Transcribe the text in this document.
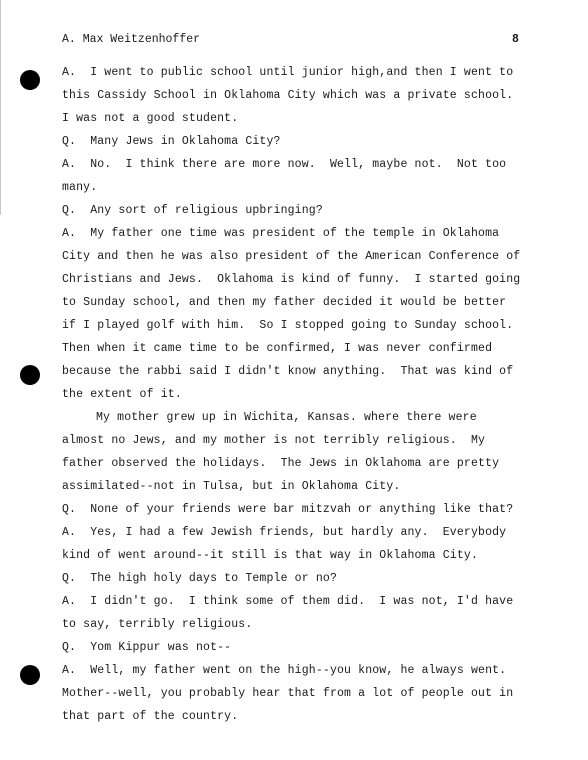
A. Max Weitzenhoffer	8
A.  I went to public school until junior high,and then I went to
this Cassidy School in Oklahoma City which was a private school.
I was not a good student.
Q.  Many Jews in Oklahoma City?
A.  No.  I think there are more now.  Well, maybe not.  Not too
many.
Q.  Any sort of religious upbringing?
A.  My father one time was president of the temple in Oklahoma
City and then he was also president of the American Conference of
Christians and Jews.  Oklahoma is kind of funny.  I started going
to Sunday school, and then my father decided it would be better
if I played golf with him.  So I stopped going to Sunday school.
Then when it came time to be confirmed, I was never confirmed
because the rabbi said I didn't know anything.  That was kind of
the extent of it.
My mother grew up in Wichita, Kansas. where there were
almost no Jews, and my mother is not terribly religious.  My
father observed the holidays.  The Jews in Oklahoma are pretty
assimilated--not in Tulsa, but in Oklahoma City.
Q.  None of your friends were bar mitzvah or anything like that?
A.  Yes, I had a few Jewish friends, but hardly any.  Everybody
kind of went around--it still is that way in Oklahoma City.
Q.  The high holy days to Temple or no?
A.  I didn't go.  I think some of them did.  I was not, I'd have
to say, terribly religious.
Q.  Yom Kippur was not--
A.  Well, my father went on the high--you know, he always went.
Mother--well, you probably hear that from a lot of people out in
that part of the country.
